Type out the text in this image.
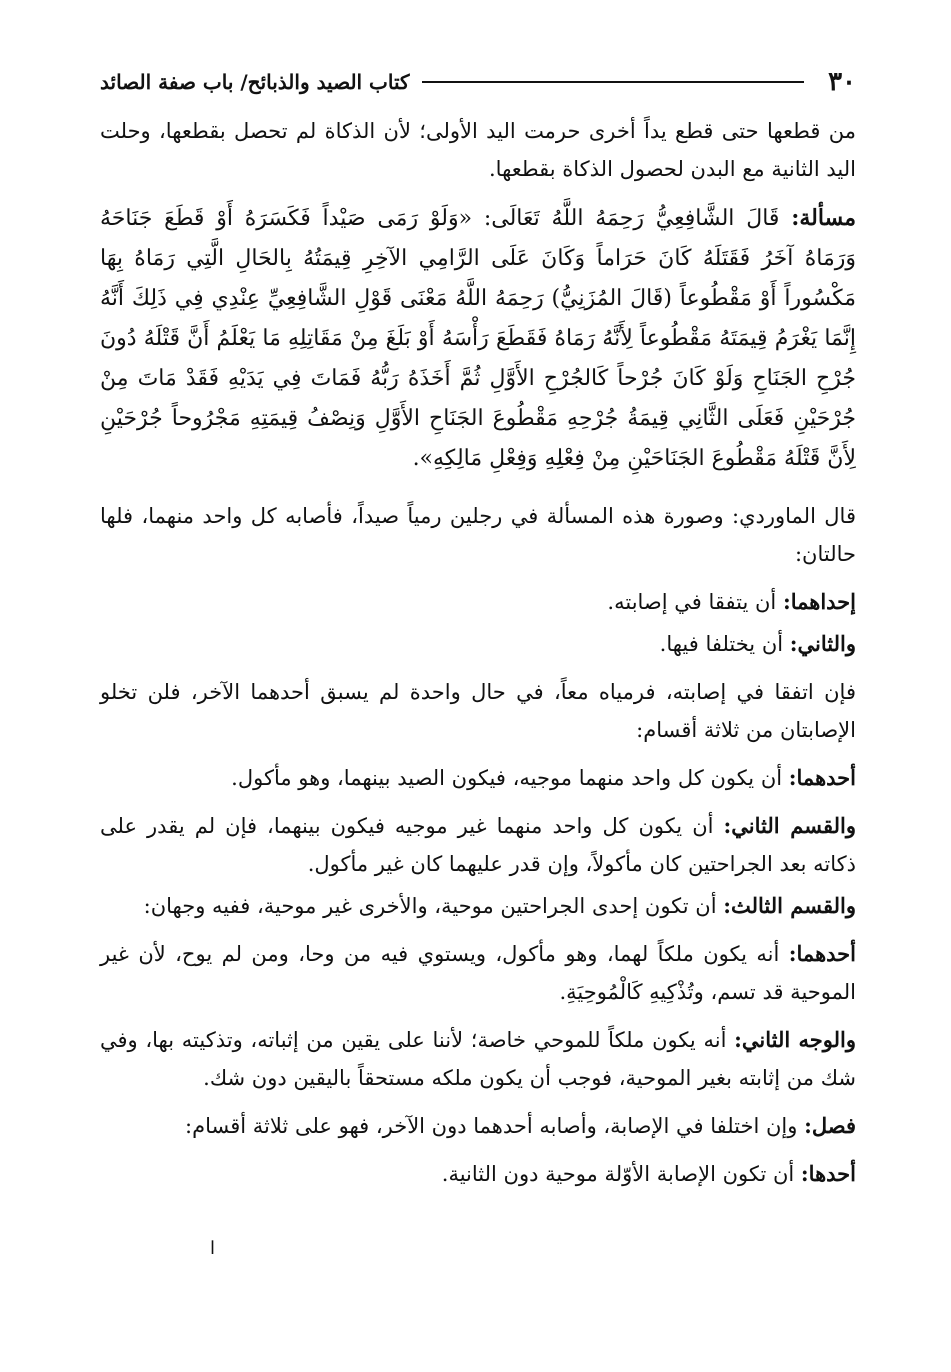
٣٠
كتاب الصيد والذبائح/ باب صفة الصائد

من قطعها حتى قطع يداً أخرى حرمت اليد الأولى؛ لأن الذكاة لم تحصل بقطعها، وحلت اليد الثانية مع البدن لحصول الذكاة بقطعها.

مسألة: قَالَ الشَّافِعِيُّ رَحِمَهُ اللَّهُ تَعَالَى: «وَلَوْ رَمَى صَيْداً فَكَسَرَهُ أَوْ قَطَعَ جَنَاحَهُ وَرَمَاهُ آخَرُ فَقَتَلَهُ كَانَ حَرَاماً وَكَانَ عَلَى الرَّامِي الآخِرِ قِيمَتُهُ بِالحَالِ الَّتِي رَمَاهُ بِهَا مَكْسُوراً أَوْ مَقْطُوعاً (قَالَ المُزَنِيُّ) رَحِمَهُ اللَّهُ مَعْنَى قَوْلِ الشَّافِعِيِّ عِنْدِي فِي ذَلِكَ أَنَّهُ إِنَّمَا يَغْرَمُ قِيمَتَهُ مَقْطُوعاً لِأَنَّهُ رَمَاهُ فَقَطَعَ رَأْسَهُ أَوْ بَلَغَ مِنْ مَقَاتِلِهِ مَا يَعْلَمُ أَنَّ قَتْلَهُ دُونَ جُرْحِ الجَنَاحِ وَلَوْ كَانَ جُرْحاً كَالجُرْحِ الأَوَّلِ ثُمَّ أَخَذَهُ رَبُّهُ فَمَاتَ فِي يَدَيْهِ فَقَدْ مَاتَ مِنْ جُرْحَيْنِ فَعَلَى الثَّانِي قِيمَةُ جُرْحِهِ مَقْطُوعَ الجَنَاحِ الأَوَّلِ وَنِصْفُ قِيمَتِهِ مَجْرُوحاً جُرْحَيْنِ لِأَنَّ قَتْلَهُ مَقْطُوعَ الجَنَاحَيْنِ مِنْ فِعْلِهِ وَفِعْلِ مَالِكِهِ».

قال الماوردي: وصورة هذه المسألة في رجلين رمياً صيداً، فأصابه كل واحد منهما، فلها حالتان:

إحداهما: أن يتفقا في إصابته.

والثاني: أن يختلفا فيها.

فإن اتفقا في إصابته، فرمياه معاً، في حال واحدة لم يسبق أحدهما الآخر، فلن تخلو الإصابتان من ثلاثة أقسام:

أحدهما: أن يكون كل واحد منهما موجيه، فيكون الصيد بينهما، وهو مأكول.

والقسم الثاني: أن يكون كل واحد منهما غير موجيه فيكون بينهما، فإن لم يقدر على ذكاته بعد الجراحتين كان مأكولاً، وإن قدر عليهما كان غير مأكول.

والقسم الثالث: أن تكون إحدى الجراحتين موحية، والأخرى غير موحية، ففيه وجهان:

أحدهما: أنه يكون ملكاً لهما، وهو مأكول، ويستوي فيه من وحا، ومن لم يوح، لأن غير الموحية قد تسم، وتُذْكِيهِ كَالْمُوحِيَةِ.

والوجه الثاني: أنه يكون ملكاً للموحي خاصة؛ لأننا على يقين من إثباته، وتذكيته بها، وفي شك من إثابته بغير الموحية، فوجب أن يكون ملكه مستحقاً باليقين دون شك.

فصل: وإن اختلفا في الإصابة، وأصابه أحدهما دون الآخر، فهو على ثلاثة أقسام:

أحدها: أن تكون الإصابة الأوّلة موحية دون الثانية.

ا
